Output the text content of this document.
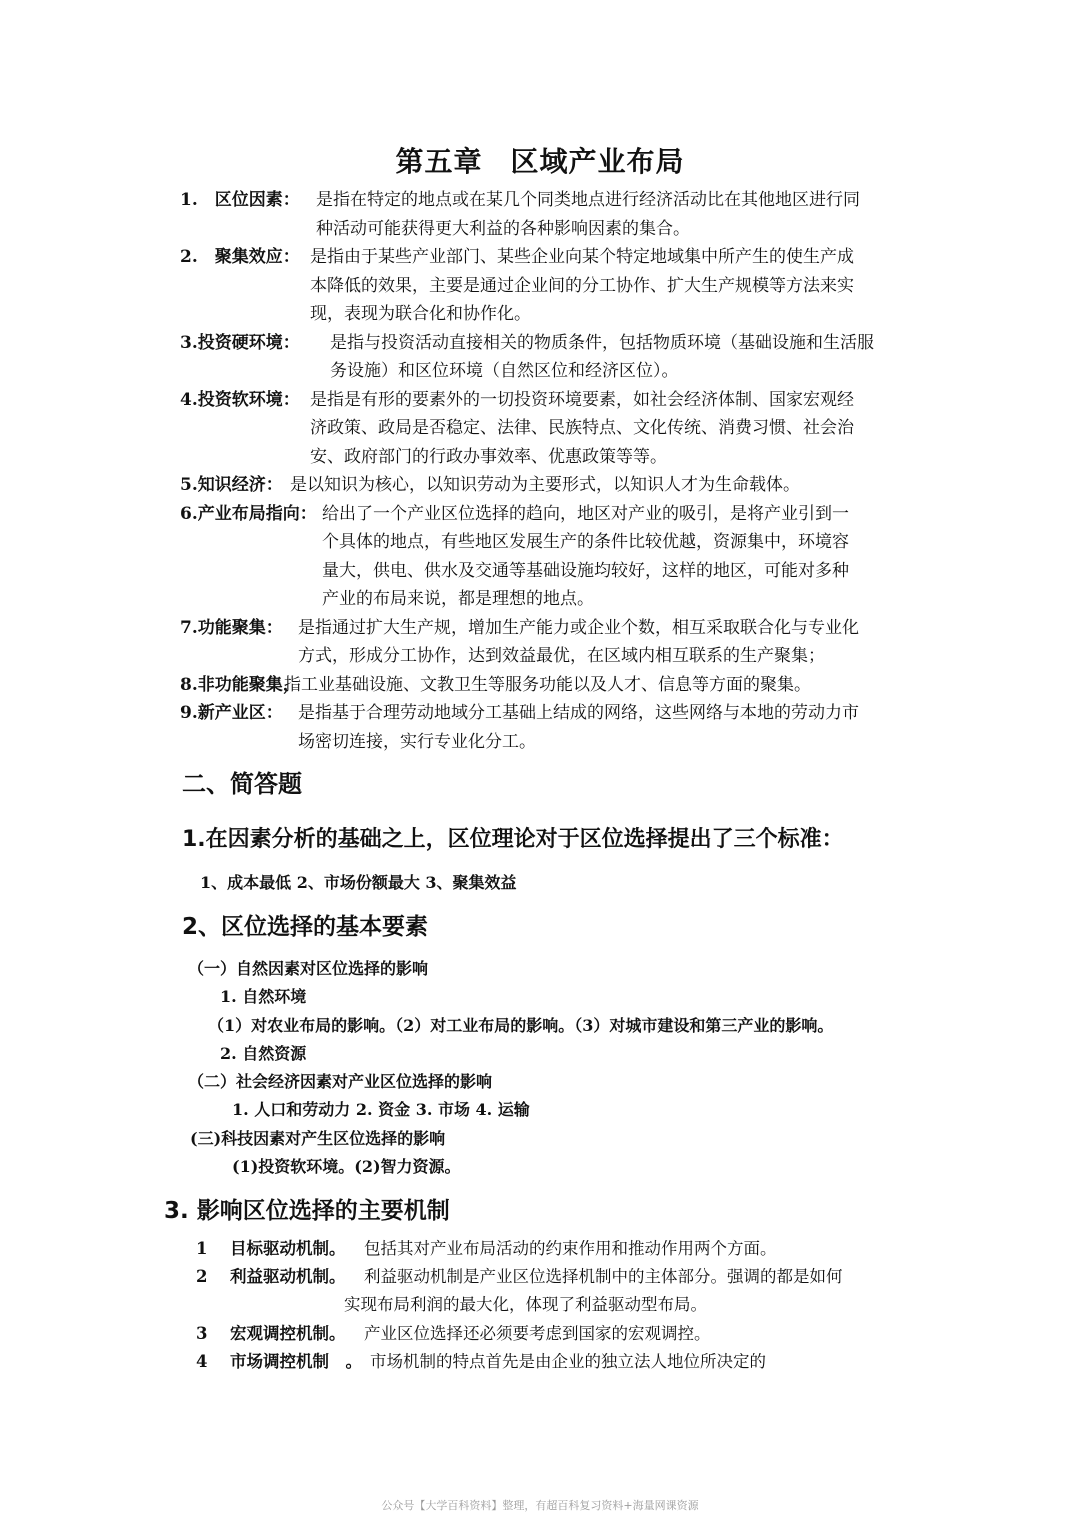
第五章 区域产业布局
1.　区位因素： 是指在特定的地点或在某几个同类地点进行经济活动比在其他地区进行同
种活动可能获得更大利益的各种影响因素的集合。
2.　聚集效应： 是指由于某些产业部门、某些企业向某个特定地域集中所产生的使生产成
本降低的效果，主要是通过企业间的分工协作、扩大生产规模等方法来实
现，表现为联合化和协作化。
3.投资硬环境：	是指与投资活动直接相关的物质条件，包括物质环境（基础设施和生活服
务设施）和区位环境（自然区位和经济区位）。
4.投资软环境： 是指是有形的要素外的一切投资环境要素，如社会经济体制、国家宏观经
济政策、政局是否稳定、法律、民族特点、文化传统、消费习惯、社会治
安、政府部门的行政办事效率、优惠政策等等。
5.知识经济： 是以知识为核心，以知识劳动为主要形式，以知识人才为生命载体。
6.产业布局指向： 给出了一个产业区位选择的趋向，地区对产业的吸引，是将产业引到一
个具体的地点，有些地区发展生产的条件比较优越，资源集中，环境容
量大，供电、供水及交通等基础设施均较好，这样的地区，可能对多种
产业的布局来说，都是理想的地点。
7.功能聚集： 是指通过扩大生产规，增加生产能力或企业个数，相互采取联合化与专业化
方式，形成分工协作，达到效益最优，在区域内相互联系的生产聚集；
8.非功能聚集，
指工业基础设施、文教卫生等服务功能以及人才、信息等方面的聚集。
9.新产业区： 是指基于合理劳动地域分工基础上结成的网络，这些网络与本地的劳动力市
场密切连接，实行专业化分工。
二、简答题
1.在因素分析的基础之上，区位理论对于区位选择提出了三个标准：
1、成本最低 2、市场份额最大 3、聚集效益
2、区位选择的基本要素
（一）自然因素对区位选择的影响
1. 自然环境
（1）对农业布局的影响。（2）对工业布局的影响。（3）对城市建设和第三产业的影响。
2. 自然资源
（二）社会经济因素对产业区位选择的影响
1. 人口和劳动力 2. 资金 3. 市场 4. 运输
(三)科技因素对产生区位选择的影响
(1)投资软环境。(2)智力资源。
3. 影响区位选择的主要机制
1 目标驱动机制。	包括其对产业布局活动的约束作用和推动作用两个方面。
2 利益驱动机制。	利益驱动机制是产业区位选择机制中的主体部分。强调的都是如何
实现布局利润的最大化，体现了利益驱动型布局。
3 宏观调控机制。	产业区位选择还必须要考虑到国家的宏观调控。
4 市场调控机制　。 市场机制的特点首先是由企业的独立法人地位所决定的
公众号【大学百科资料】整理，有超百科复习资料+海量网课资源
